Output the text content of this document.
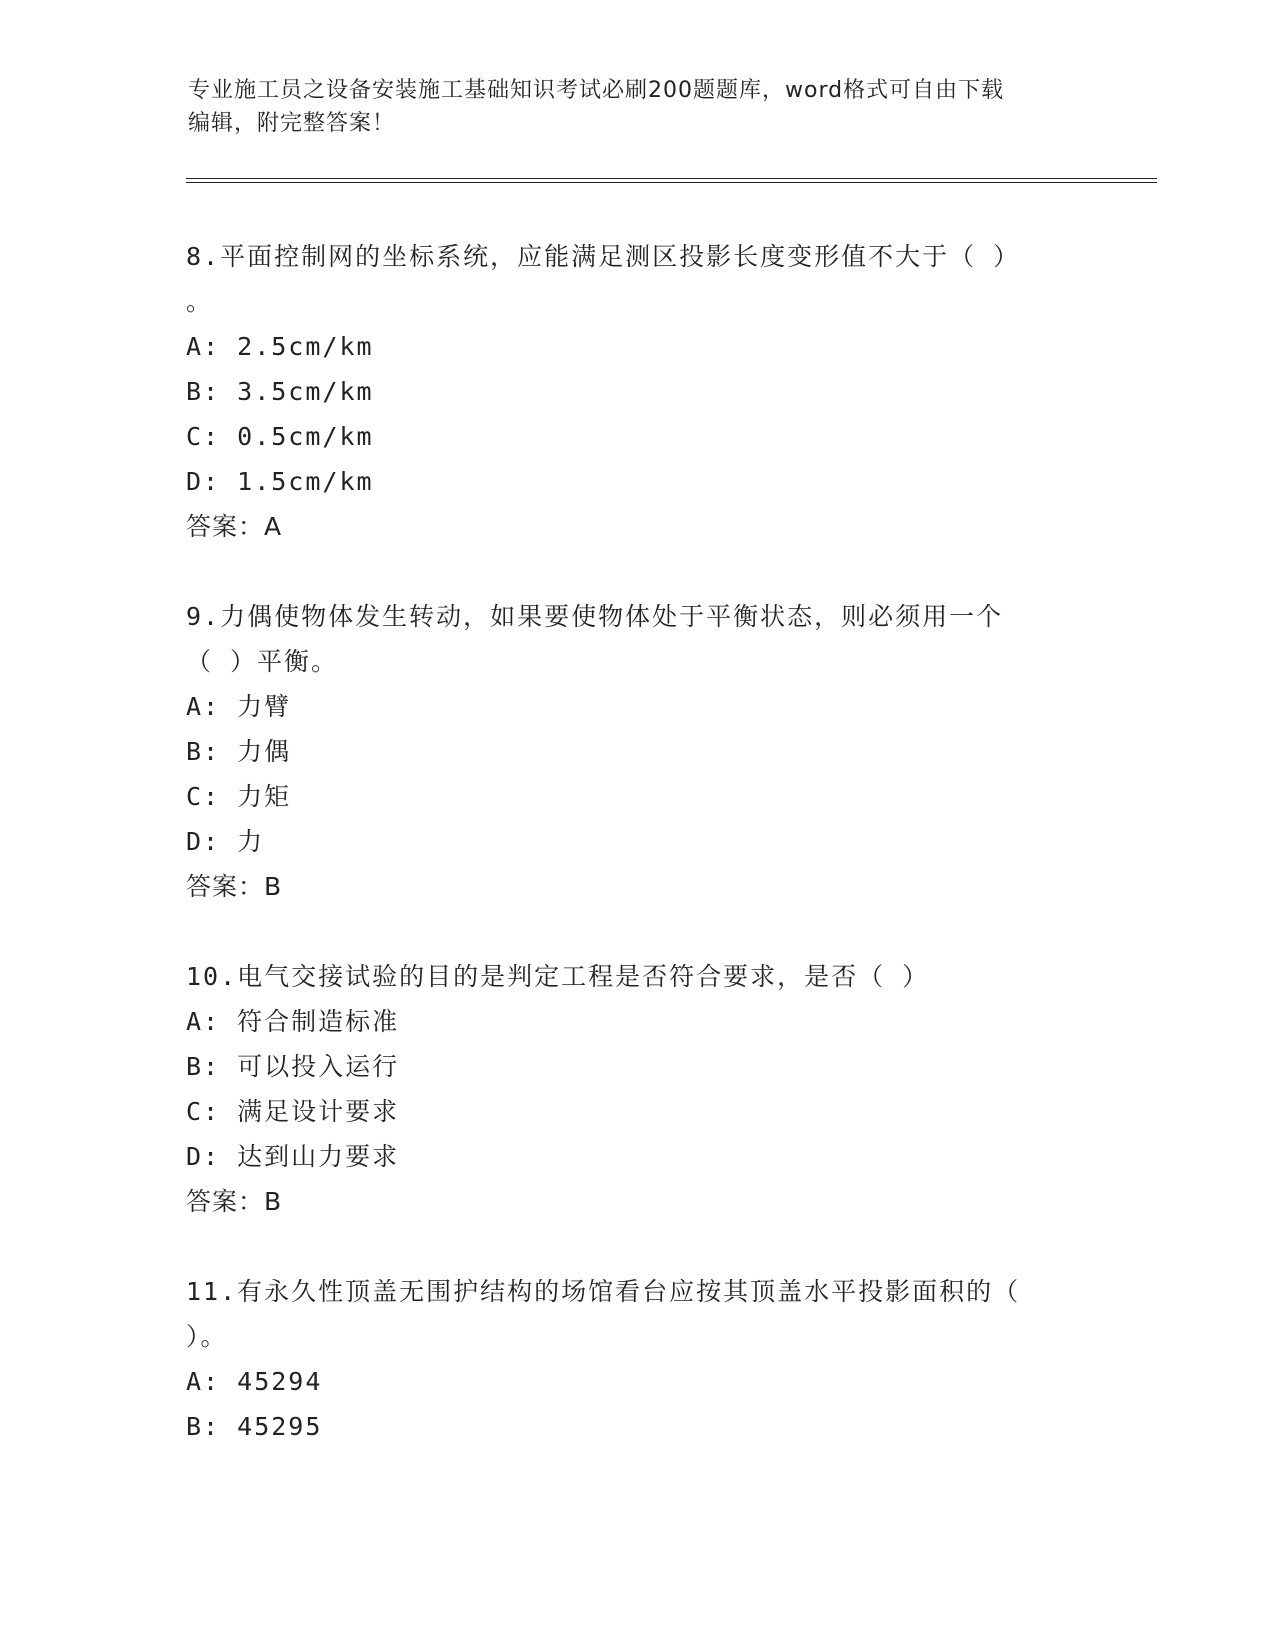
专业施工员之设备安装施工基础知识考试必刷200题题库，word格式可自由下载
编辑，附完整答案！
8.平面控制网的坐标系统，应能满足测区投影长度变形值不大于（ ）
。
A: 2.5cm/km
B: 3.5cm/km
C: 0.5cm/km
D: 1.5cm/km
答案：A
9.力偶使物体发生转动，如果要使物体处于平衡状态，则必须用一个
（ ）平衡。
A: 力臂
B: 力偶
C: 力矩
D: 力
答案：B
10.电气交接试验的目的是判定工程是否符合要求，是否（ ）
A: 符合制造标准
B: 可以投入运行
C: 满足设计要求
D: 达到山力要求
答案：B
11.有永久性顶盖无围护结构的场馆看台应按其顶盖水平投影面积的（
）。
A: 45294
B: 45295
